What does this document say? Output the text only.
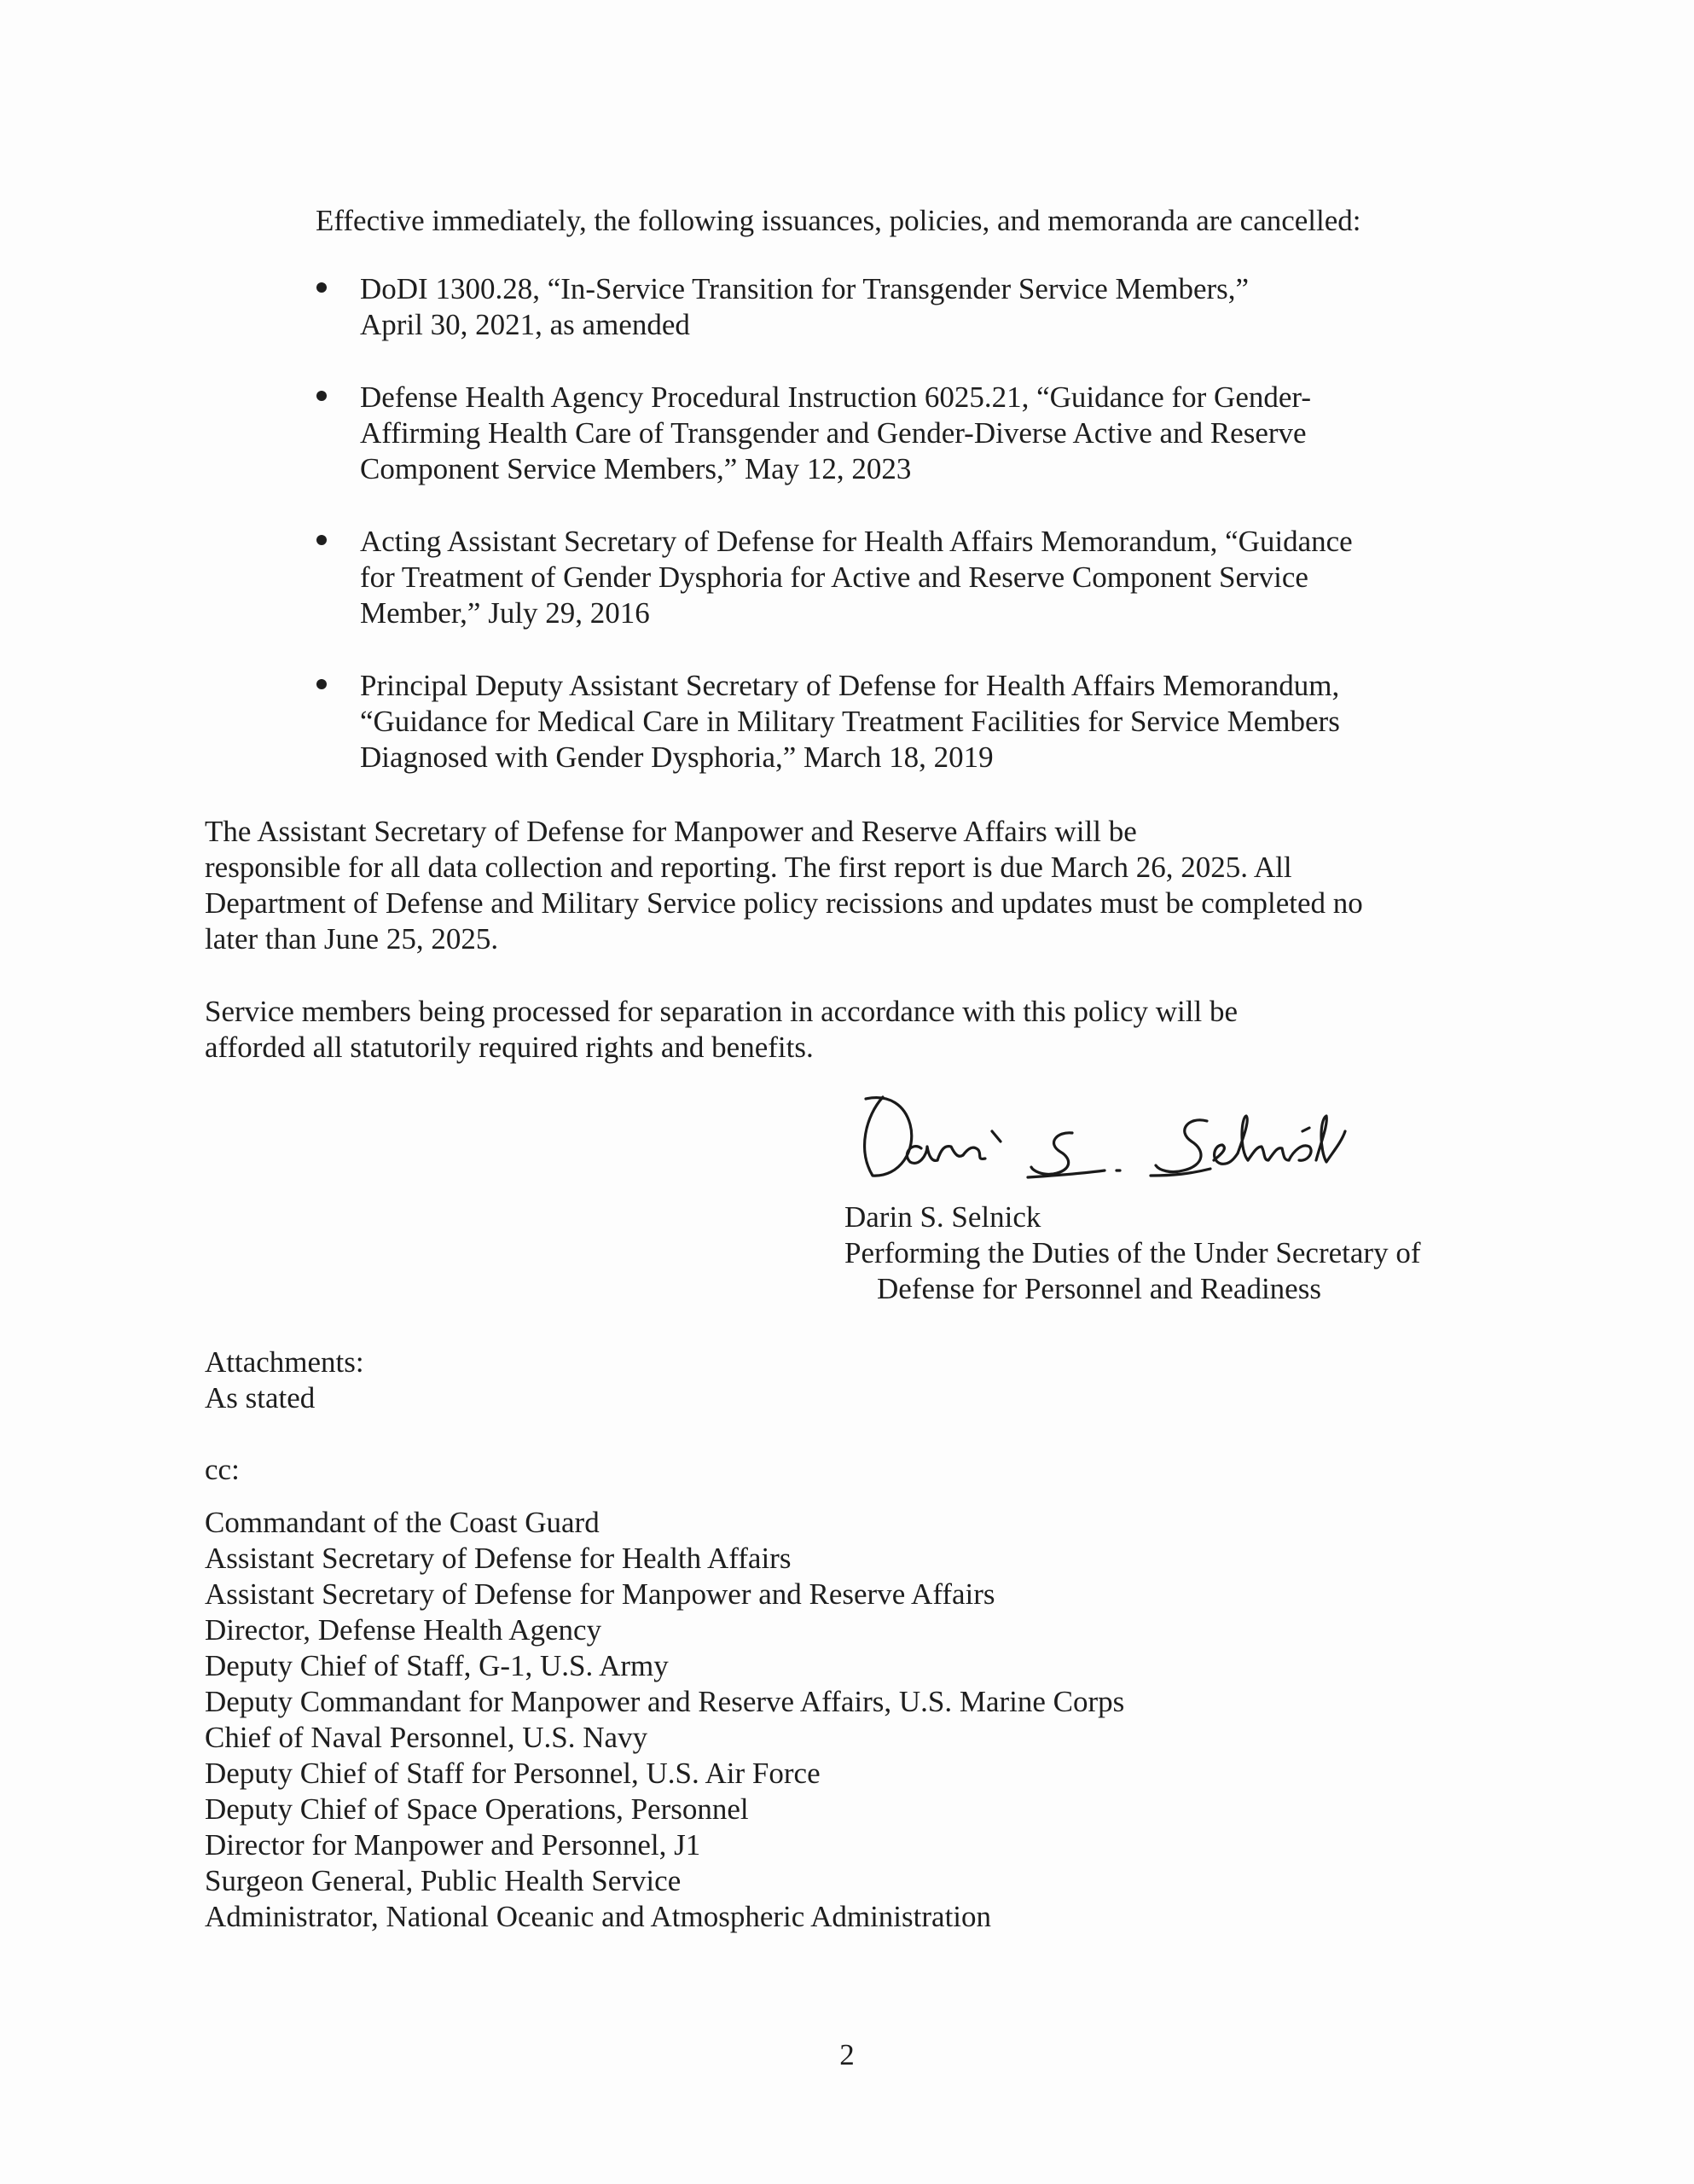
Effective immediately, the following issuances, policies, and memoranda are cancelled:
DoDI 1300.28, “In-Service Transition for Transgender Service Members,”
April 30, 2021, as amended
Defense Health Agency Procedural Instruction 6025.21, “Guidance for Gender-
Affirming Health Care of Transgender and Gender-Diverse Active and Reserve
Component Service Members,” May 12, 2023
Acting Assistant Secretary of Defense for Health Affairs Memorandum, “Guidance
for Treatment of Gender Dysphoria for Active and Reserve Component Service
Member,” July 29, 2016
Principal Deputy Assistant Secretary of Defense for Health Affairs Memorandum,
“Guidance for Medical Care in Military Treatment Facilities for Service Members
Diagnosed with Gender Dysphoria,” March 18, 2019
The Assistant Secretary of Defense for Manpower and Reserve Affairs will be
responsible for all data collection and reporting. The first report is due March 26, 2025. All
Department of Defense and Military Service policy recissions and updates must be completed no
later than June 25, 2025.
Service members being processed for separation in accordance with this policy will be
afforded all statutorily required rights and benefits.
Darin S. Selnick
Performing the Duties of the Under Secretary of
Defense for Personnel and Readiness
Attachments:
As stated
cc:
Commandant of the Coast Guard
Assistant Secretary of Defense for Health Affairs
Assistant Secretary of Defense for Manpower and Reserve Affairs
Director, Defense Health Agency
Deputy Chief of Staff, G-1, U.S. Army
Deputy Commandant for Manpower and Reserve Affairs, U.S. Marine Corps
Chief of Naval Personnel, U.S. Navy
Deputy Chief of Staff for Personnel, U.S. Air Force
Deputy Chief of Space Operations, Personnel
Director for Manpower and Personnel, J1
Surgeon General, Public Health Service
Administrator, National Oceanic and Atmospheric Administration
2
